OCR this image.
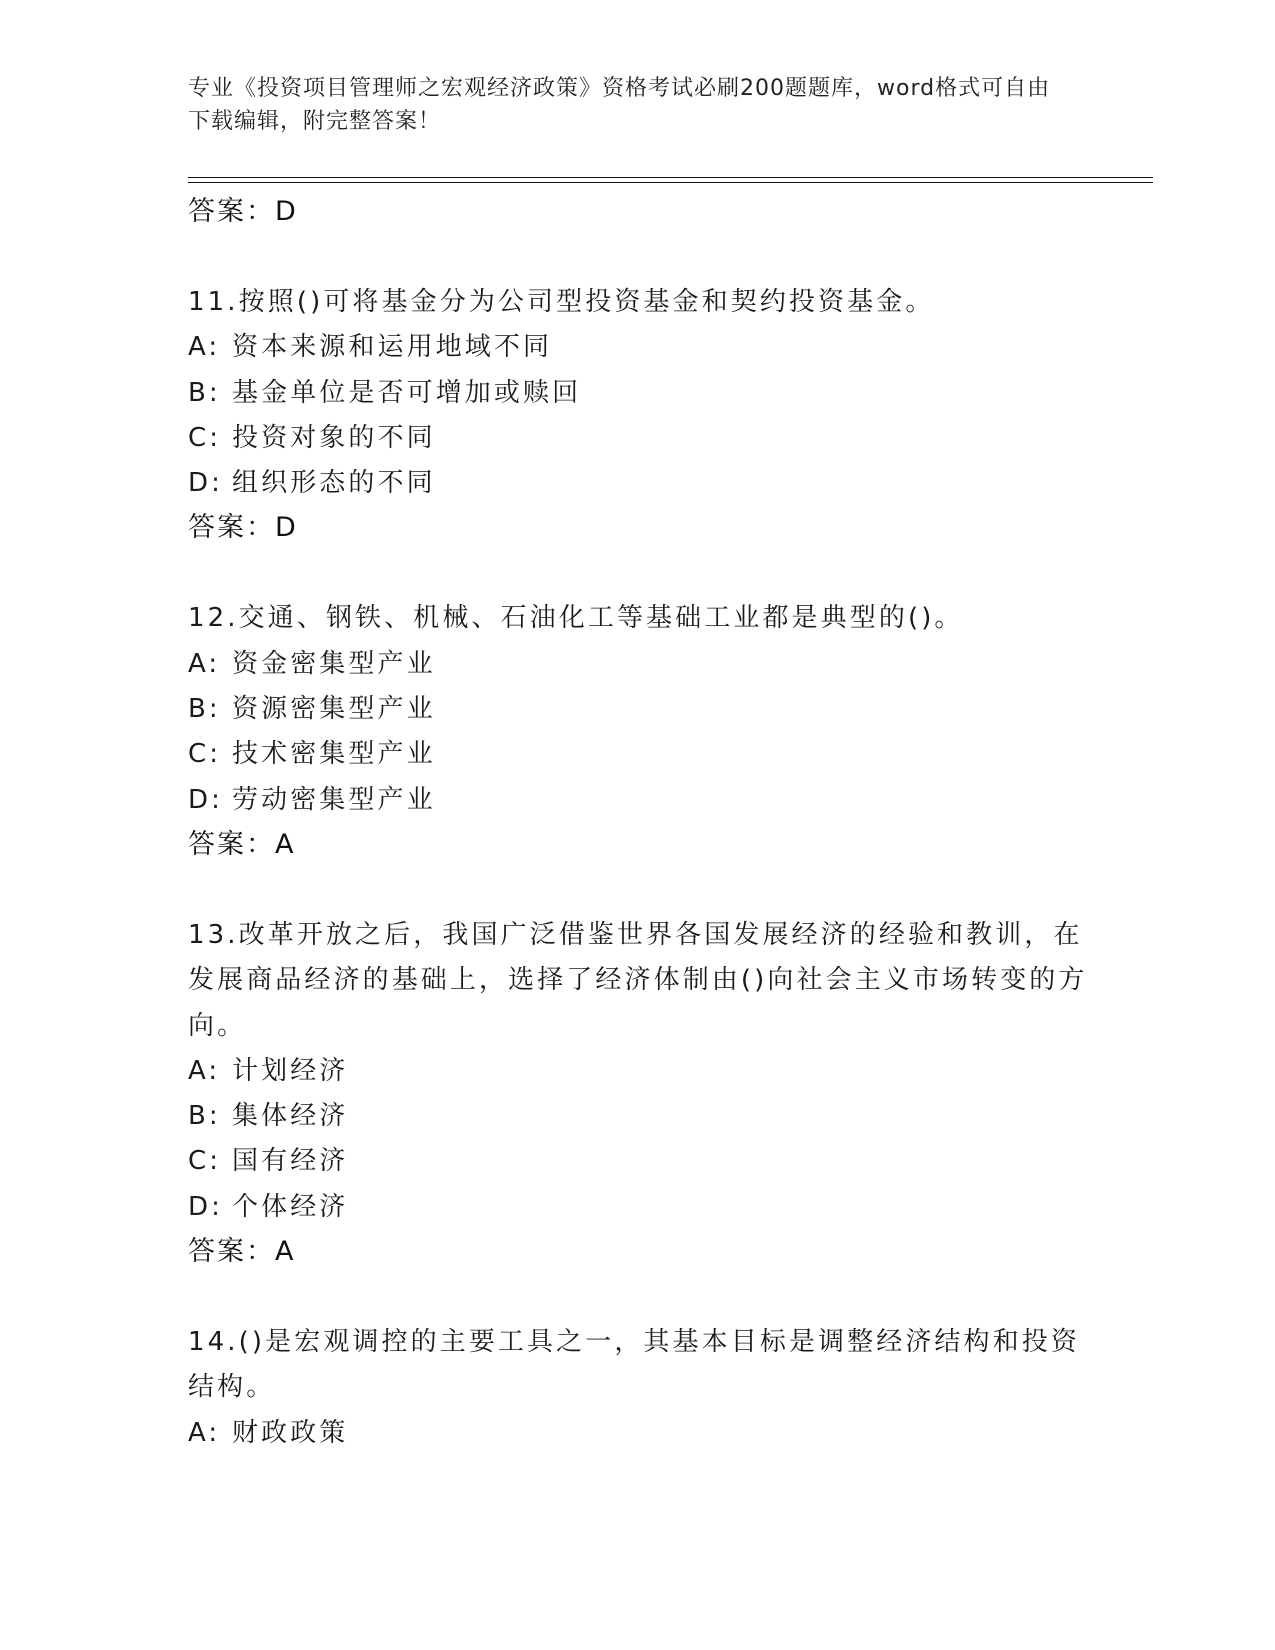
专业《投资项目管理师之宏观经济政策》资格考试必刷200题题库，word格式可自由下载编辑，附完整答案！
答案：D
11.按照()可将基金分为公司型投资基金和契约投资基金。
A: 资本来源和运用地域不同
B: 基金单位是否可增加或赎回
C: 投资对象的不同
D: 组织形态的不同
答案：D
12.交通、钢铁、机械、石油化工等基础工业都是典型的()。
A: 资金密集型产业
B: 资源密集型产业
C: 技术密集型产业
D: 劳动密集型产业
答案：A
13.改革开放之后，我国广泛借鉴世界各国发展经济的经验和教训，在发展商品经济的基础上，选择了经济体制由()向社会主义市场转变的方向。
A: 计划经济
B: 集体经济
C: 国有经济
D: 个体经济
答案：A
14.()是宏观调控的主要工具之一，其基本目标是调整经济结构和投资结构。
A: 财政政策
